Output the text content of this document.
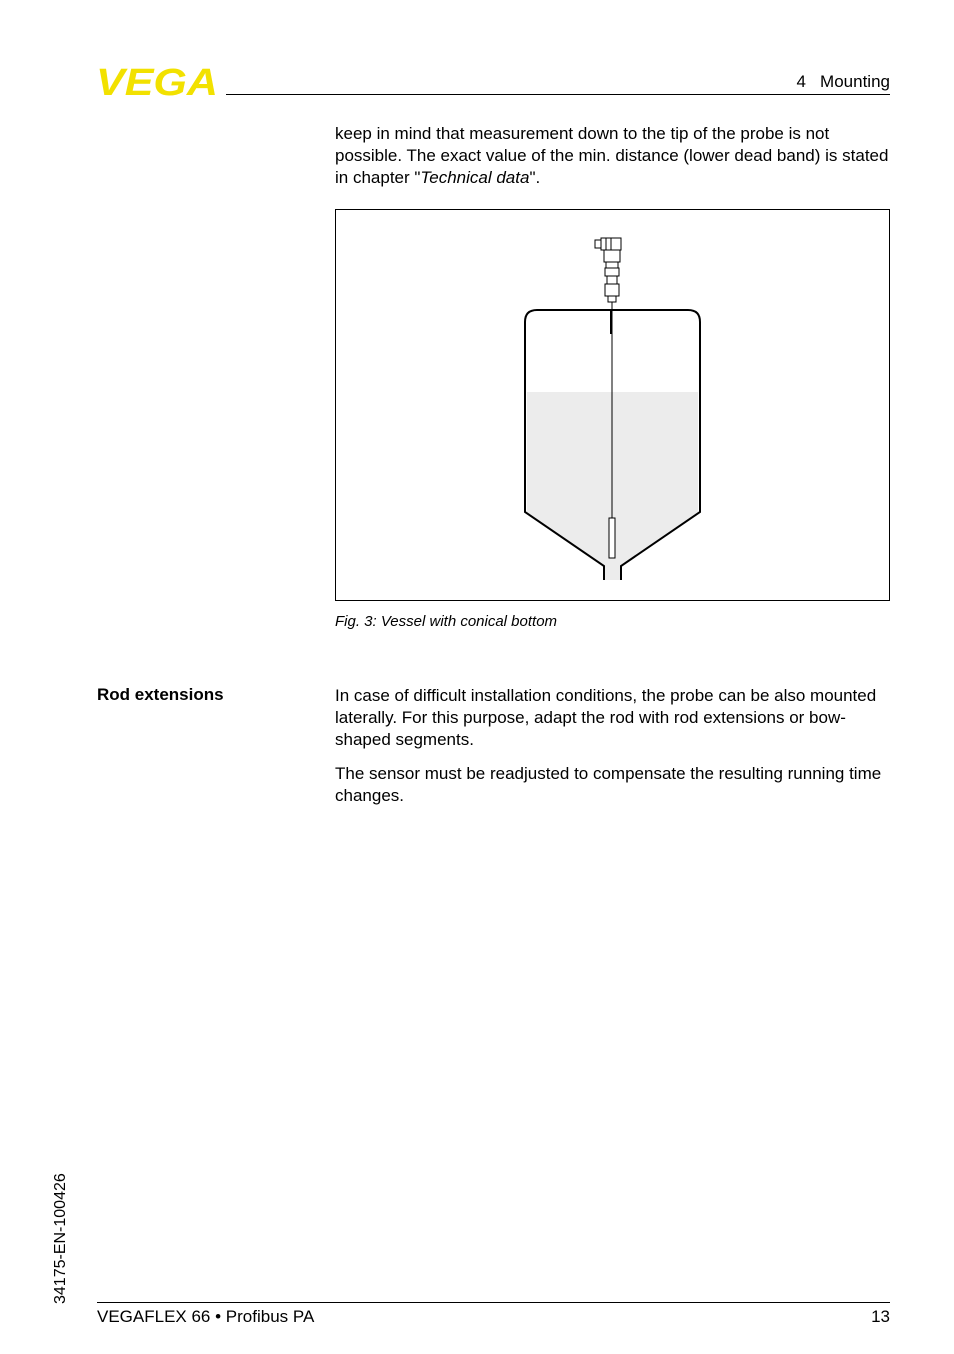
VEGA	4   Mounting

keep in mind that measurement down to the tip of the probe is not possible. The exact value of the min. distance (lower dead band) is stated in chapter "Technical data".

Fig. 3: Vessel with conical bottom
Rod extensions	In case of difficult installation conditions, the probe can be also mounted laterally. For this purpose, adapt the rod with rod extensions or bow-shaped segments.

The sensor must be readjusted to compensate the resulting running time changes.

34175-EN-100426
VEGAFLEX 66 • Profibus PA	13
